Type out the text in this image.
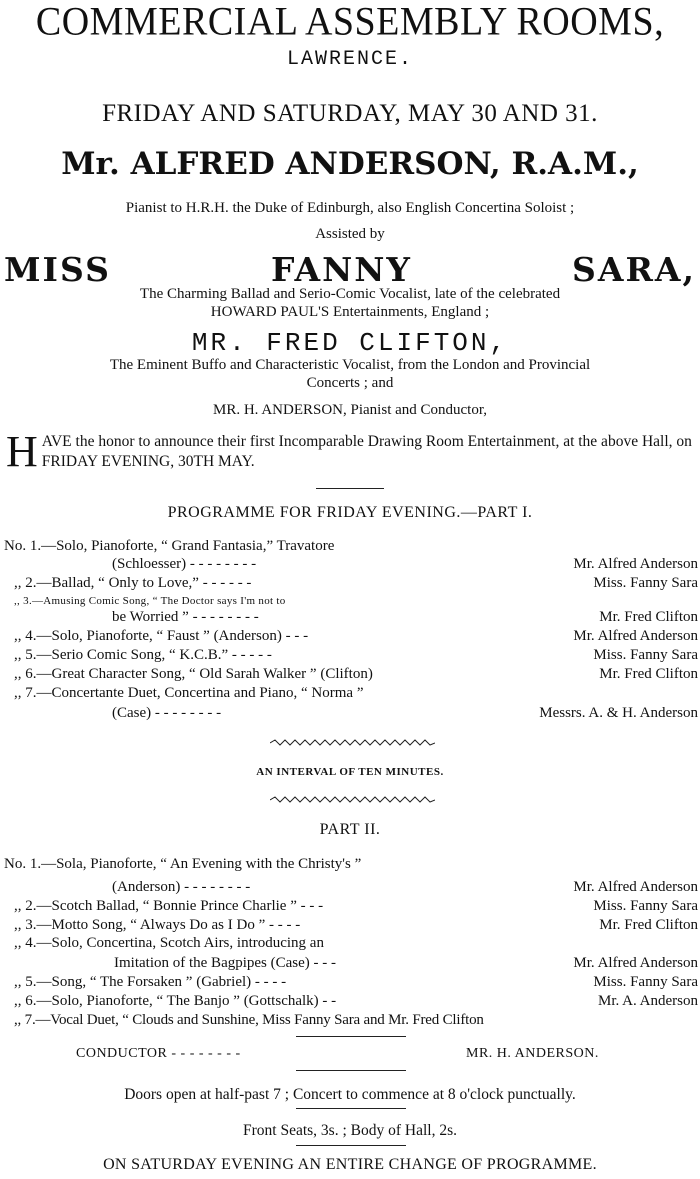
COMMERCIAL ASSEMBLY ROOMS,
LAWRENCE.
FRIDAY AND SATURDAY, MAY 30 AND 31.
Mr. ALFRED ANDERSON, R.A.M.,
Pianist to H.R.H. the Duke of Edinburgh, also English Concertina Soloist ;
Assisted by
MISS	FANNY	SARA,
The Charming Ballad and Serio-Comic Vocalist, late of the celebrated
HOWARD PAUL'S Entertainments, England ;
MR. FRED CLIFTON,
The Eminent Buffo and Characteristic Vocalist, from the London and Provincial
Concerts ; and
MR. H. ANDERSON, Pianist and Conductor,
H AVE the honor to announce their first Incomparable Drawing Room Entertainment, at the above Hall, on FRIDAY EVENING, 30TH MAY.
PROGRAMME FOR FRIDAY EVENING.—PART I.
No. 1.—Solo, Pianoforte, “ Grand Fantasia,” Travatore
(Schloesser) - - - - - - - -	Mr. Alfred Anderson
,, 2.—Ballad, “ Only to Love,” - - - - - -	Miss. Fanny Sara
,, 3.—Amusing Comic Song, “ The Doctor says I'm not to
be Worried ” - - - - - - - -	Mr. Fred Clifton
,, 4.—Solo, Pianoforte, “ Faust ” (Anderson) - - -	Mr. Alfred Anderson
,, 5.—Serio Comic Song, “ K.C.B.” - - - - -	Miss. Fanny Sara
,, 6.—Great Character Song, “ Old Sarah Walker ” (Clifton)	Mr. Fred Clifton
,, 7.—Concertante Duet, Concertina and Piano, “ Norma ”
(Case) - - - - - - - -	Messrs. A. & H. Anderson
AN INTERVAL OF TEN MINUTES.
PART II.
No. 1.—Sola, Pianoforte, “ An Evening with the Christy's ”
(Anderson) - - - - - - - -	Mr. Alfred Anderson
,, 2.—Scotch Ballad, “ Bonnie Prince Charlie ” - - -	Miss. Fanny Sara
,, 3.—Motto Song, “ Always Do as I Do ” - - - -	Mr. Fred Clifton
,, 4.—Solo, Concertina, Scotch Airs, introducing an
Imitation of the Bagpipes (Case) - - -	Mr. Alfred Anderson
,, 5.—Song, “ The Forsaken ” (Gabriel) - - - -	Miss. Fanny Sara
,, 6.—Solo, Pianoforte, “ The Banjo ” (Gottschalk) - -	Mr. A. Anderson
,, 7.—Vocal Duet, “ Clouds and Sunshine, Miss Fanny Sara and Mr. Fred Clifton
CONDUCTOR - - - - - - - -	MR. H. ANDERSON.
Doors open at half-past 7 ; Concert to commence at 8 o'clock punctually.
Front Seats, 3s. ; Body of Hall, 2s.
ON SATURDAY EVENING AN ENTIRE CHANGE OF PROGRAMME.
